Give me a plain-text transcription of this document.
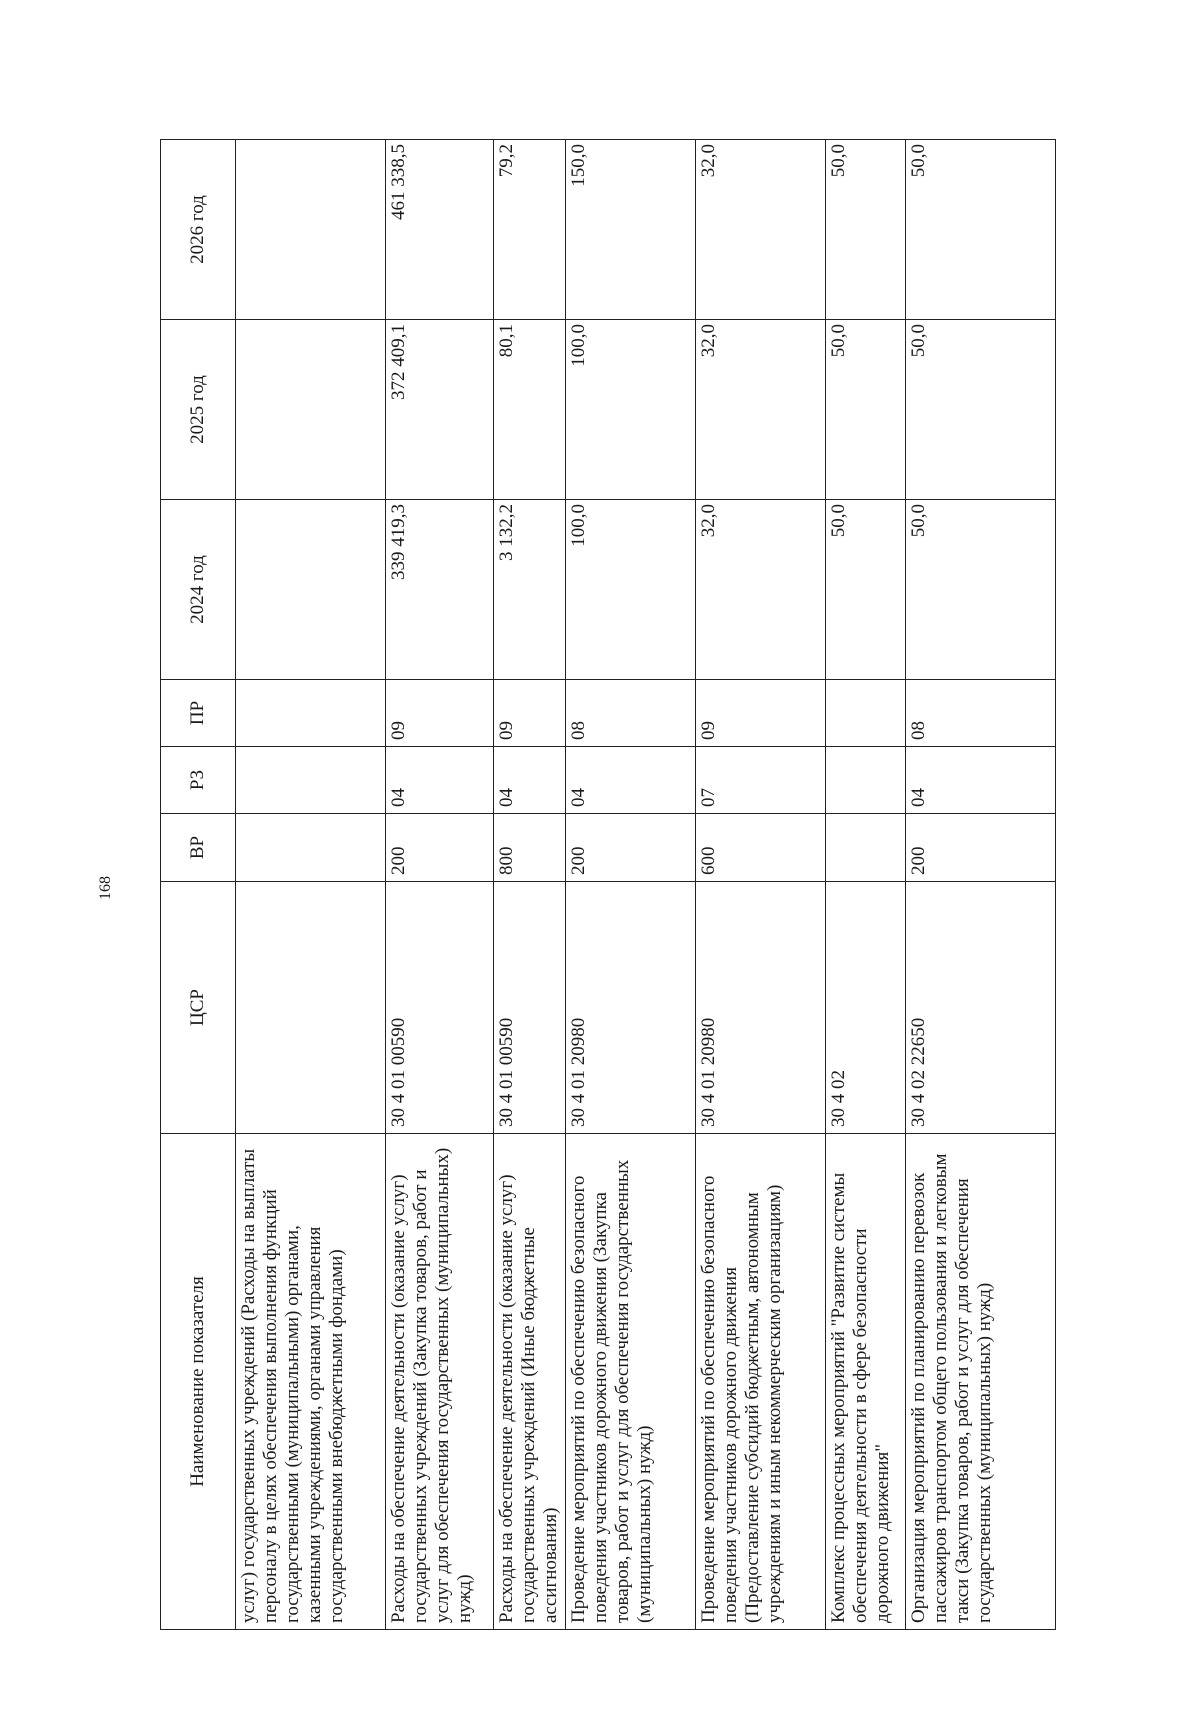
168
Наименование показателя	ЦСР	ВР	РЗ	ПР	2024 год	2025 год	2026 год
услуг) государственных учреждений (Расходы на выплаты персоналу в целях обеспечения выполнения функций государственными (муниципальными) органами, казенными учреждениями, органами управления государственными внебюджетными фондами)							
Расходы на обеспечение деятельности (оказание услуг) государственных учреждений (Закупка товаров, работ и услуг для обеспечения государственных (муниципальных) нужд)	30 4 01 00590	200	04	09	339 419,3	372 409,1	461 338,5
Расходы на обеспечение деятельности (оказание услуг) государственных учреждений (Иные бюджетные ассигнования)	30 4 01 00590	800	04	09	3 132,2	80,1	79,2
Проведение мероприятий по обеспечению безопасного поведения участников дорожного движения (Закупка товаров, работ и услуг для обеспечения государственных (муниципальных) нужд)	30 4 01 20980	200	04	08	100,0	100,0	150,0
Проведение мероприятий по обеспечению безопасного поведения участников дорожного движения (Предоставление субсидий бюджетным, автономным учреждениям и иным некоммерческим организациям)	30 4 01 20980	600	07	09	32,0	32,0	32,0
Комплекс процессных мероприятий "Развитие системы обеспечения деятельности в сфере безопасности дорожного движения"	30 4 02				50,0	50,0	50,0
Организация мероприятий по планированию перевозок пассажиров транспортом общего пользования и легковым такси (Закупка товаров, работ и услуг для обеспечения государственных (муниципальных) нужд)	30 4 02 22650	200	04	08	50,0	50,0	50,0
